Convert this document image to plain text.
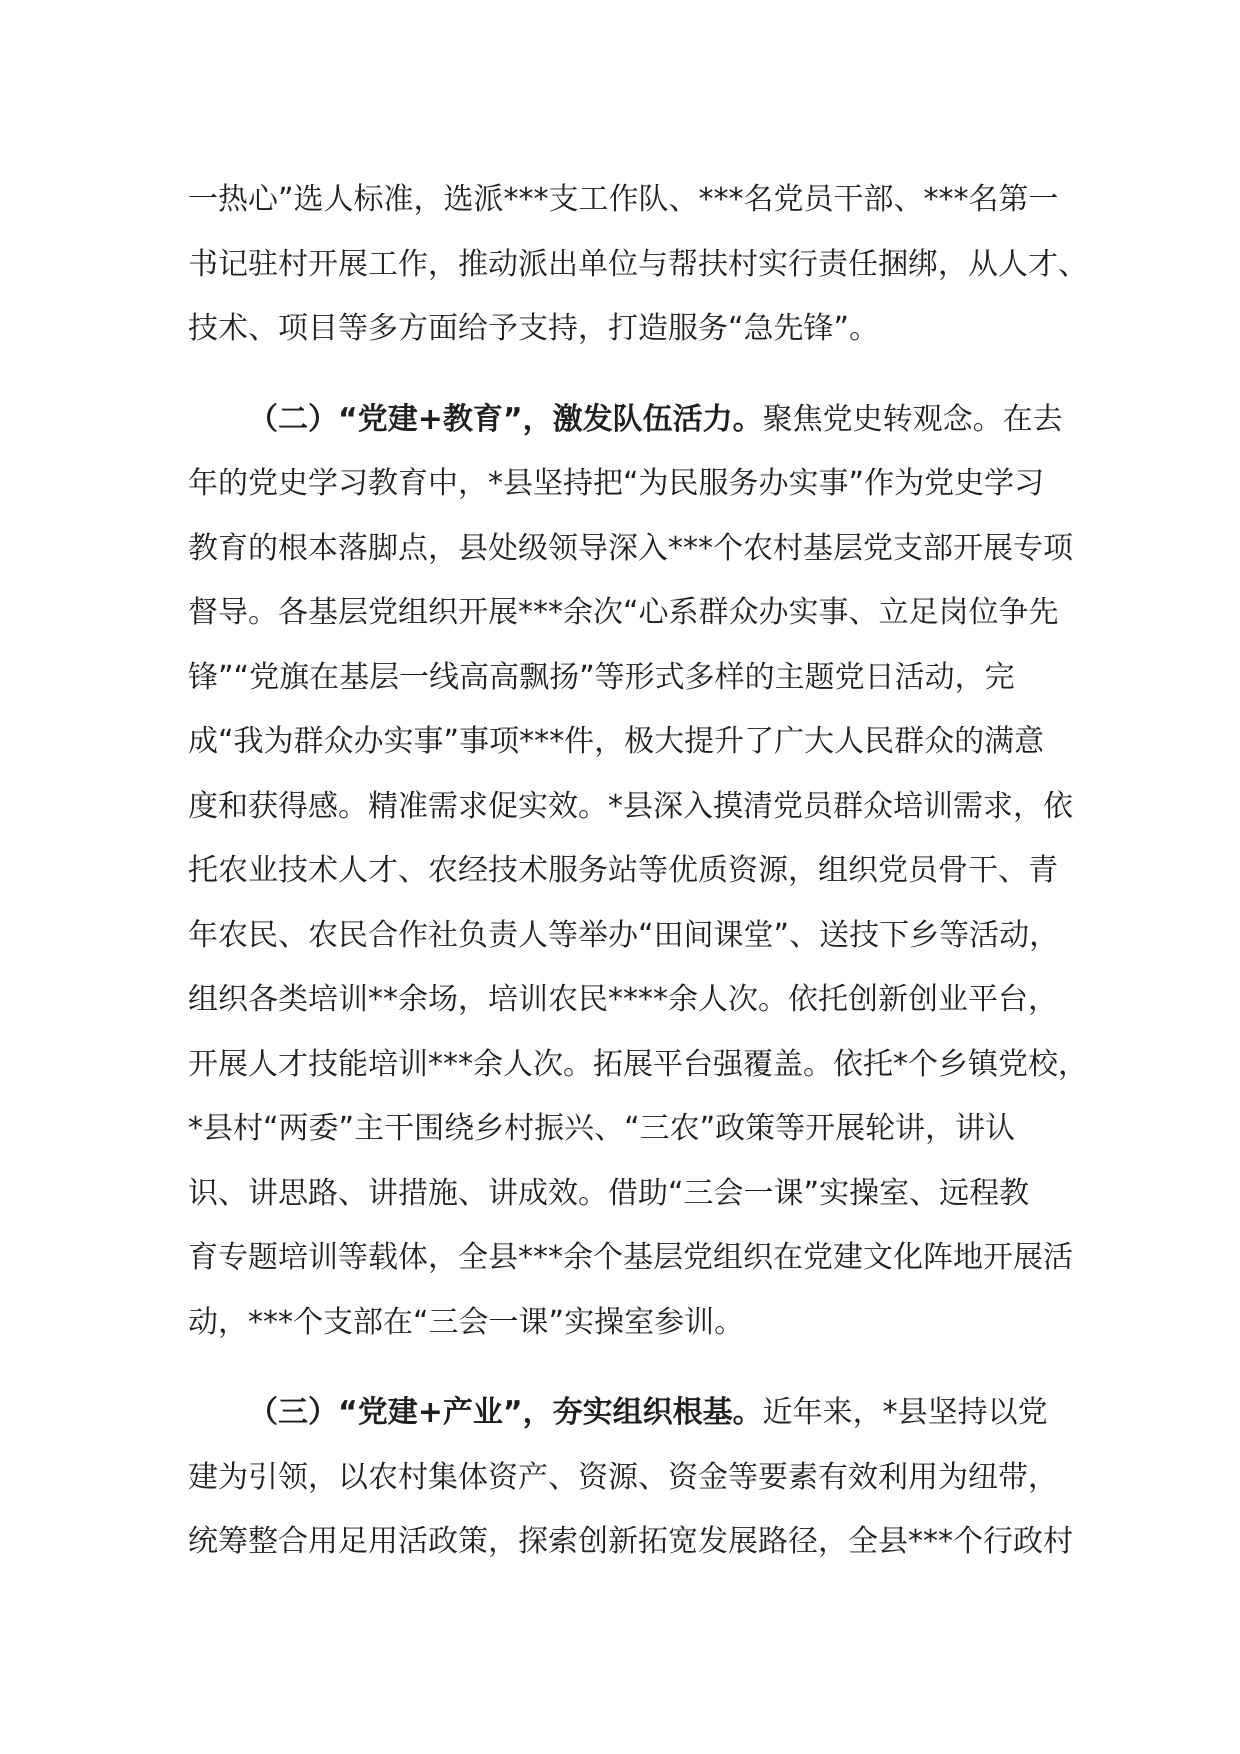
一热心”选人标准，选派***支工作队、***名党员干部、***名第一
书记驻村开展工作，推动派出单位与帮扶村实行责任捆绑，从人才、
技术、项目等多方面给予支持，打造服务“急先锋”。
（二）“党建+教育”，激发队伍活力。聚焦党史转观念。在去
年的党史学习教育中，*县坚持把“为民服务办实事”作为党史学习
教育的根本落脚点，县处级领导深入***个农村基层党支部开展专项
督导。各基层党组织开展***余次“心系群众办实事、立足岗位争先
锋”“党旗在基层一线高高飘扬”等形式多样的主题党日活动，完
成“我为群众办实事”事项***件，极大提升了广大人民群众的满意
度和获得感。精准需求促实效。*县深入摸清党员群众培训需求，依
托农业技术人才、农经技术服务站等优质资源，组织党员骨干、青
年农民、农民合作社负责人等举办“田间课堂”、送技下乡等活动，
组织各类培训**余场，培训农民****余人次。依托创新创业平台，
开展人才技能培训***余人次。拓展平台强覆盖。依托*个乡镇党校，
*县村“两委”主干围绕乡村振兴、“三农”政策等开展轮讲，讲认
识、讲思路、讲措施、讲成效。借助“三会一课”实操室、远程教
育专题培训等载体，全县***余个基层党组织在党建文化阵地开展活
动，***个支部在“三会一课”实操室参训。
（三）“党建+产业”，夯实组织根基。近年来，*县坚持以党
建为引领，以农村集体资产、资源、资金等要素有效利用为纽带，
统筹整合用足用活政策，探索创新拓宽发展路径，全县***个行政村
